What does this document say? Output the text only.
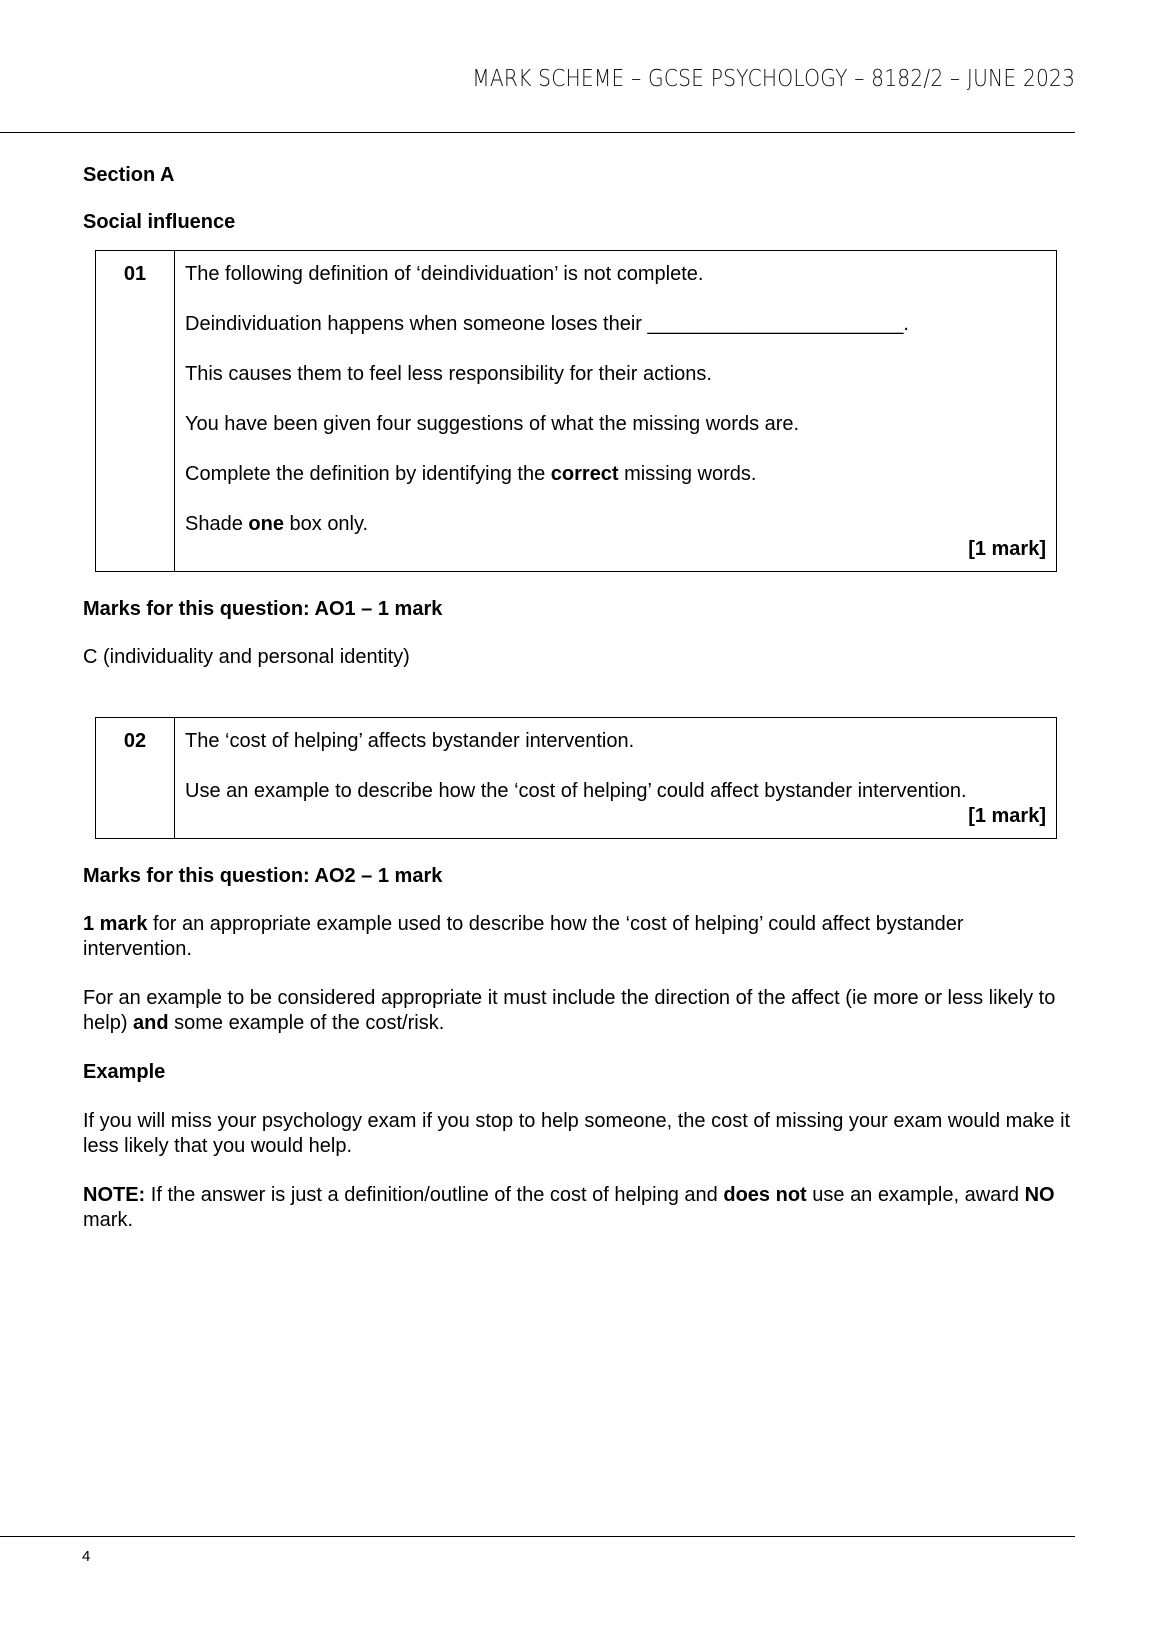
MARK SCHEME – GCSE PSYCHOLOGY – 8182/2 – JUNE 2023

Section A

Social influence

01	The following definition of ‘deindividuation’ is not complete.

Deindividuation happens when someone loses their _______________________.

This causes them to feel less responsibility for their actions.

You have been given four suggestions of what the missing words are.

Complete the definition by identifying the correct missing words.

Shade one box only.

[1 mark]

Marks for this question: AO1 – 1 mark

C (individuality and personal identity)

02	The ‘cost of helping’ affects bystander intervention.

Use an example to describe how the ‘cost of helping’ could affect bystander intervention.

[1 mark]

Marks for this question: AO2 – 1 mark

1 mark for an appropriate example used to describe how the ‘cost of helping’ could affect bystander intervention.

For an example to be considered appropriate it must include the direction of the affect (ie more or less likely to help) and some example of the cost/risk.

Example

If you will miss your psychology exam if you stop to help someone, the cost of missing your exam would make it less likely that you would help.

NOTE: If the answer is just a definition/outline of the cost of helping and does not use an example, award NO mark.

4
